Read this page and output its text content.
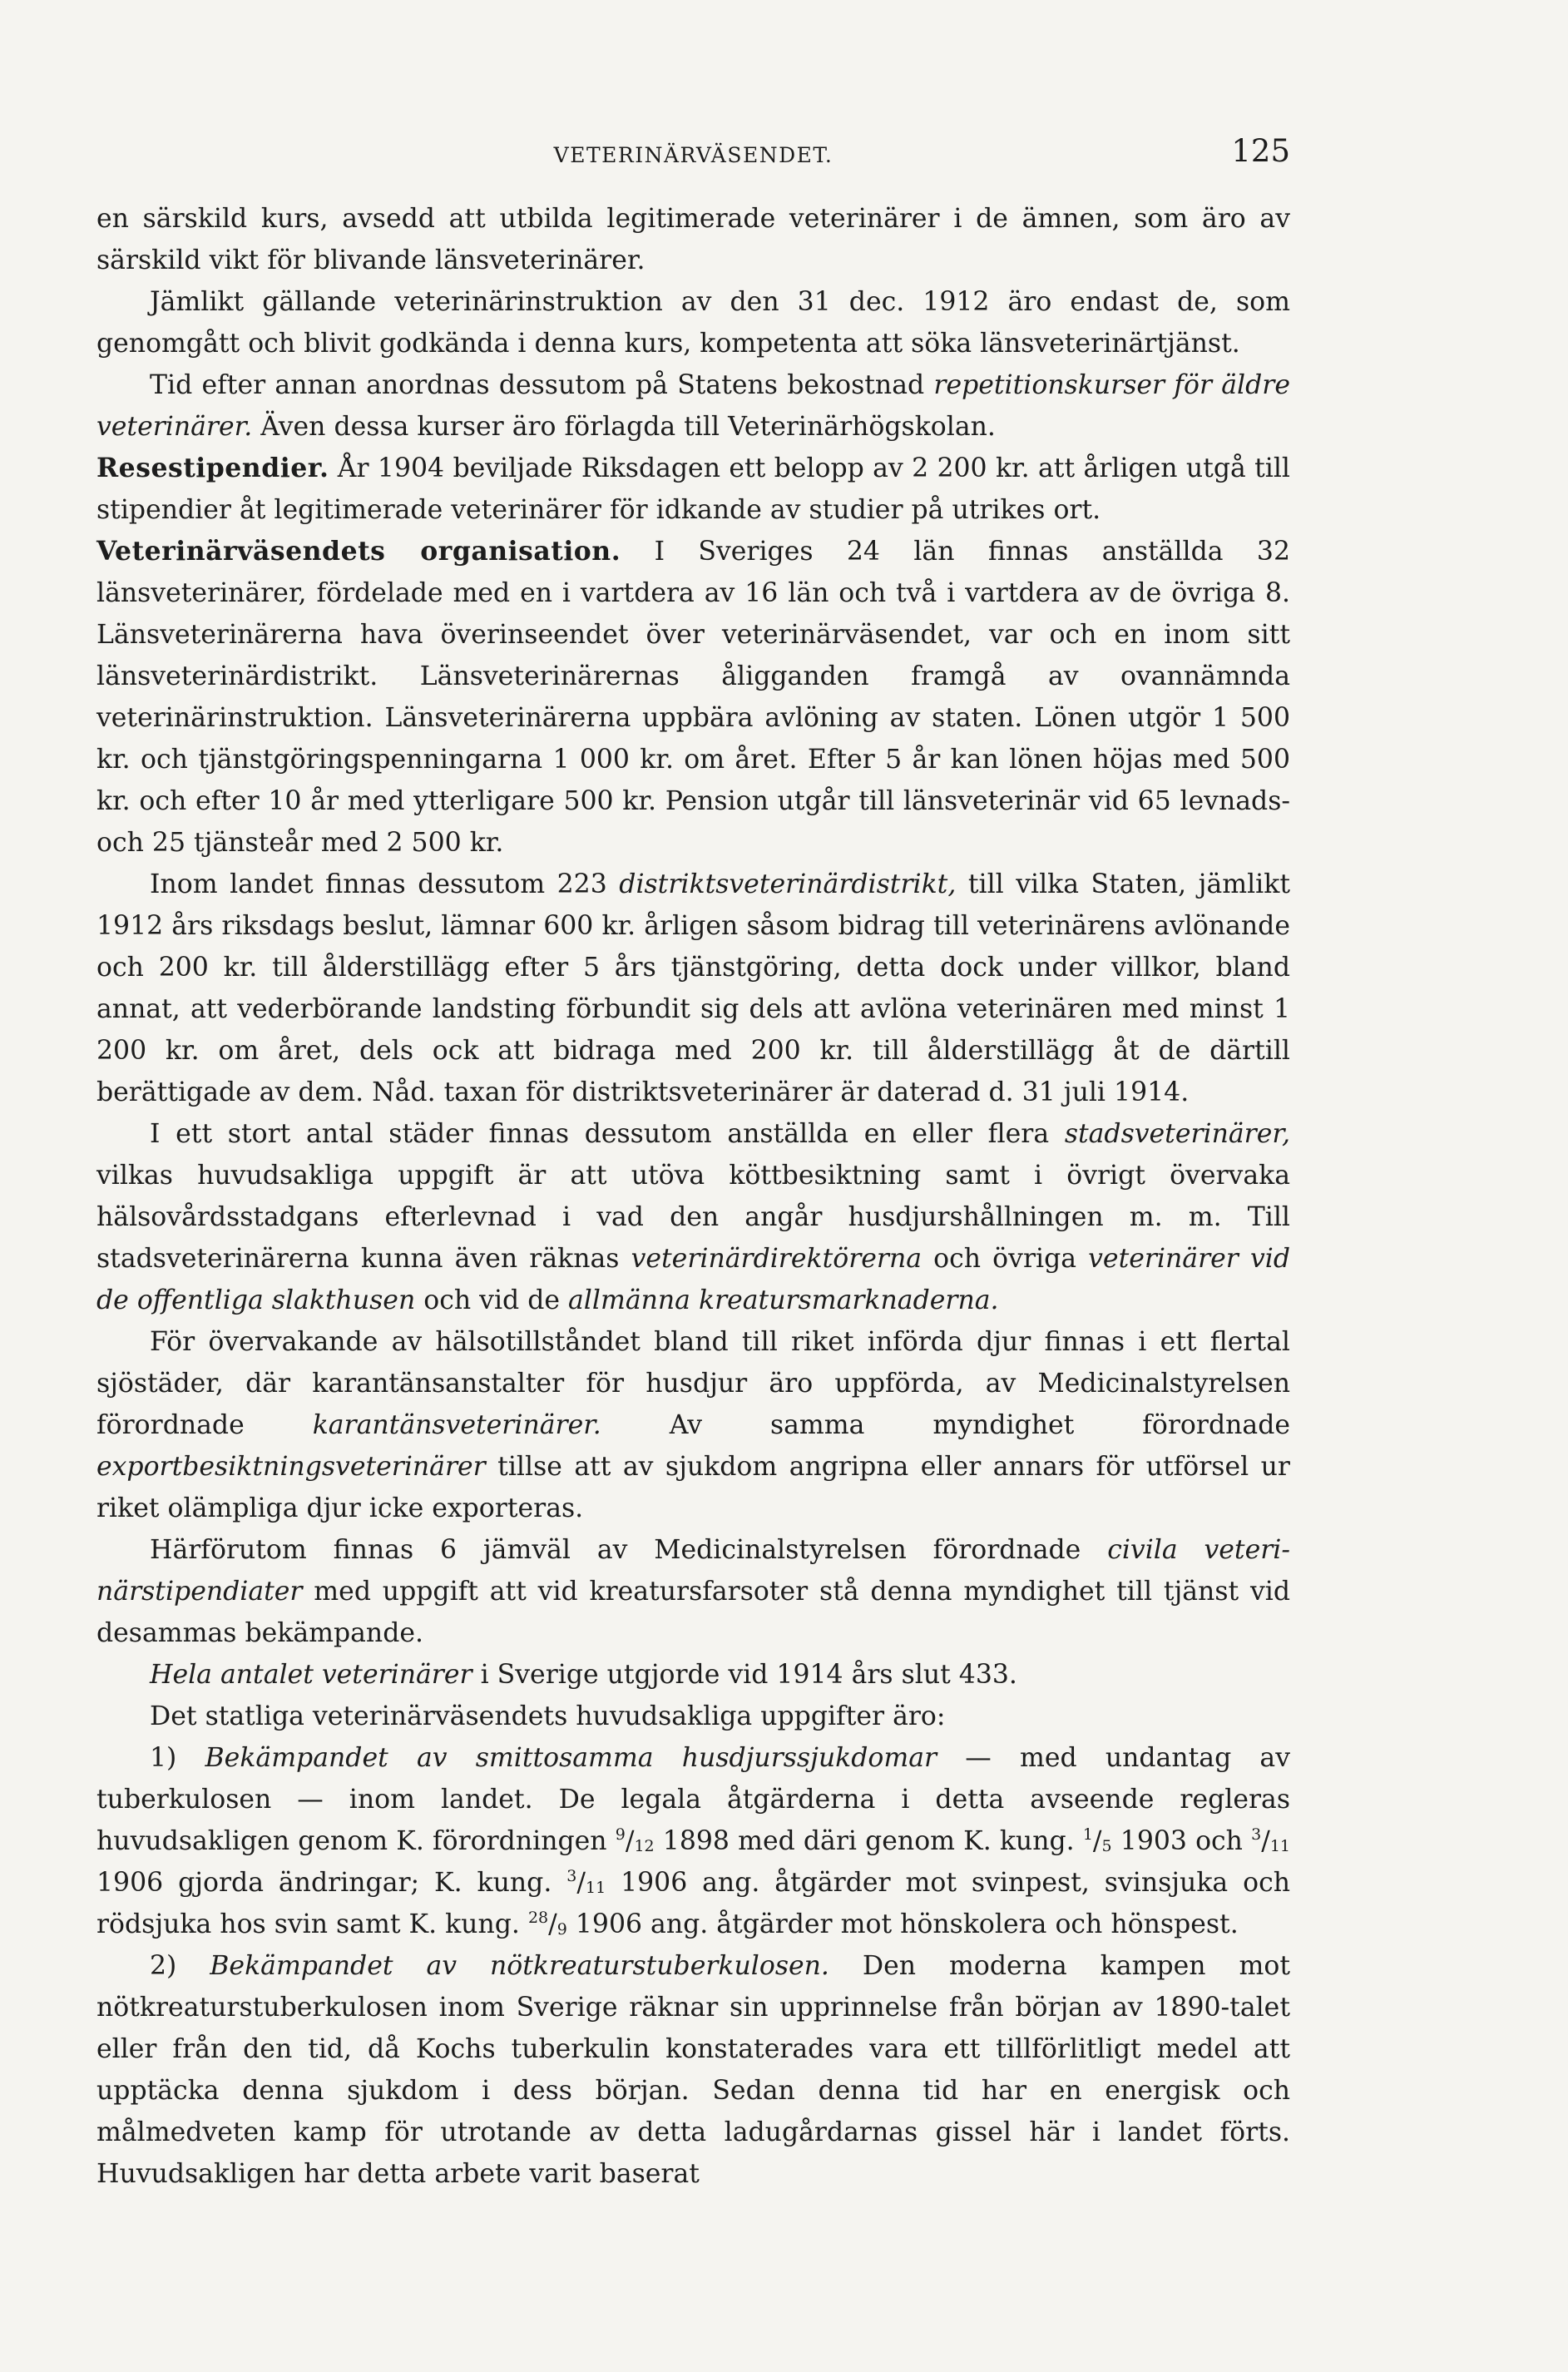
VETERINÄRVÄSENDET.	125

en särskild kurs, avsedd att utbilda legitimerade veterinärer i de ämnen, som äro av särskild vikt för blivande länsveterinärer.

Jämlikt gällande veterinärinstruktion av den 31 dec. 1912 äro endast de, som genomgått och blivit godkända i denna kurs, kompetenta att söka länsveterinärtjänst.

Tid efter annan anordnas dessutom på Statens bekostnad repetitionskurser för äldre veterinärer. Även dessa kurser äro förlagda till Veterinärhögskolan.

Resestipendier. År 1904 beviljade Riksdagen ett belopp av 2 200 kr. att årligen utgå till stipendier åt legitimerade veterinärer för idkande av studier på utrikes ort.

Veterinärväsendets organisation. I Sveriges 24 län finnas anställda 32 länsveterinärer, fördelade med en i vartdera av 16 län och två i vartdera av de övriga 8. Länsveterinärerna hava överinseendet över veterinärväsendet, var och en inom sitt länsveterinärdistrikt. Länsveterinärernas åligganden framgå av ovannämnda veterinärinstruktion. Länsveterinärerna uppbära avlöning av staten. Lönen utgör 1 500 kr. och tjänstgöringspenningarna 1 000 kr. om året. Efter 5 år kan lönen höjas med 500 kr. och efter 10 år med ytterligare 500 kr. Pension utgår till länsveterinär vid 65 levnads- och 25 tjänsteår med 2 500 kr.

Inom landet finnas dessutom 223 distriktsveterinärdistrikt, till vilka Staten, jämlikt 1912 års riksdags beslut, lämnar 600 kr. årligen såsom bidrag till veterinärens avlönande och 200 kr. till ålderstillägg efter 5 års tjänstgöring, detta dock under villkor, bland annat, att vederbörande landsting förbundit sig dels att avlöna veterinären med minst 1 200 kr. om året, dels ock att bidraga med 200 kr. till ålderstillägg åt de därtill berättigade av dem. Nåd. taxan för distriktsveterinärer är daterad d. 31 juli 1914.

I ett stort antal städer finnas dessutom anställda en eller flera stadsveterinärer, vilkas huvudsakliga uppgift är att utöva köttbesiktning samt i övrigt övervaka hälsovårdsstadgans efterlevnad i vad den angår husdjurshållningen m. m. Till stadsveterinärerna kunna även räknas veterinärdirektörerna och övriga veterinärer vid de offentliga slakthusen och vid de allmänna kreatursmarknaderna.

För övervakande av hälsotillståndet bland till riket införda djur finnas i ett flertal sjöstäder, där karantänsanstalter för husdjur äro uppförda, av Medicinalstyrelsen förordnade karantänsveterinärer. Av samma myndighet förordnade exportbesiktningsveterinärer tillse att av sjukdom angripna eller annars för utförsel ur riket olämpliga djur icke exporteras.

Härförutom finnas 6 jämväl av Medicinalstyrelsen förordnade civila veterinärstipendiater med uppgift att vid kreatursfarsoter stå denna myndighet till tjänst vid desammas bekämpande.

Hela antalet veterinärer i Sverige utgjorde vid 1914 års slut 433.

Det statliga veterinärväsendets huvudsakliga uppgifter äro:

1) Bekämpandet av smittosamma husdjurssjukdomar — med undantag av tuberkulosen — inom landet. De legala åtgärderna i detta avseende regleras huvudsakligen genom K. förordningen $^9/_{12}$ 1898 med däri genom K. kung. $^1/_5$ 1903 och $^3/_{11}$ 1906 gjorda ändringar; K. kung. $^3/_{11}$ 1906 ang. åtgärder mot svinpest, svinsjuka och rödsjuka hos svin samt K. kung. $^{28}/_9$ 1906 ang. åtgärder mot hönskolera och hönspest.

2) Bekämpandet av nötkreaturstuberkulosen. Den moderna kampen mot nötkreaturstuberkulosen inom Sverige räknar sin upprinnelse från början av 1890-talet eller från den tid, då Kochs tuberkulin konstaterades vara ett tillförlitligt medel att upptäcka denna sjukdom i dess början. Sedan denna tid har en energisk och målmedveten kamp för utrotande av detta ladugårdarnas gissel här i landet förts. Huvudsakligen har detta arbete varit baserat
